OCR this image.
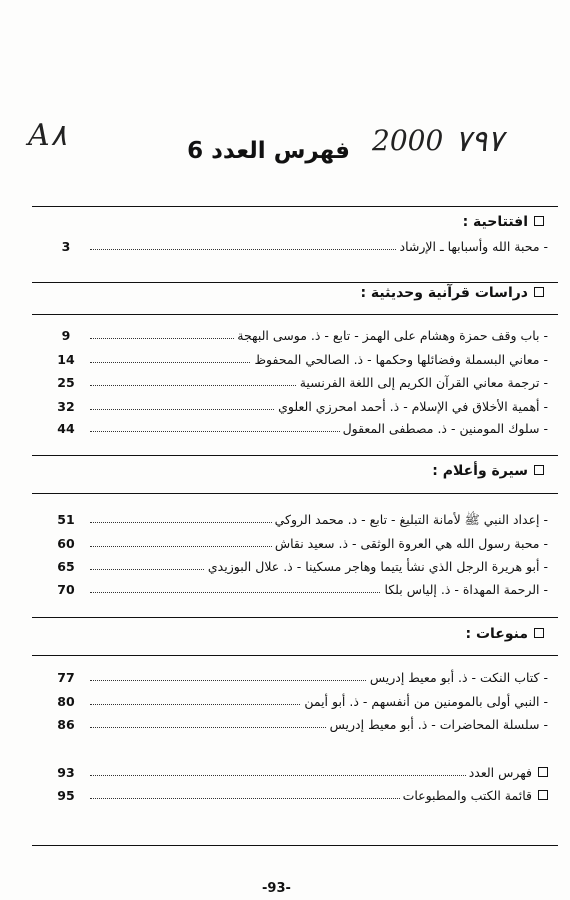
A٨	2000 ٧٩٧
فهرس العدد 6
افتتاحية :
- محبة الله وأسبابها ـ الإرشاد
3
دراسات قرآنية وحديثية :
- باب وقف حمزة وهشام على الهمز - تابع - ذ. موسى البهجة
9
- معاني البسملة وفضائلها وحكمها - ذ. الصالحي المحفوظ
14
- ترجمة معاني القرآن الكريم إلى اللغة الفرنسية
25
- أهمية الأخلاق في الإسلام - ذ. أحمد امحرزي العلوي
32
- سلوك المومنين - ذ. مصطفى المعقول
44
سيرة وأعلام :
- إعداد النبي ﷺ لأمانة التبليغ - تابع - د. محمد الروكي
51
- محبة رسول الله هي العروة الوثقى - ذ. سعيد نقاش
60
- أبو هريرة الرجل الذي نشأ يتيما وهاجر مسكينا - ذ. علال البوزيدي
65
- الرحمة المهداة - ذ. إلياس بلكا
70
منوعات :
- كتاب النكت - ذ. أبو معيط إدريس
77
- النبي أولى بالمومنين من أنفسهم - ذ. أبو أيمن
80
- سلسلة المحاضرات - ذ. أبو معيط إدريس
86
فهرس العدد
93
قائمة الكتب والمطبوعات
95
-93-
